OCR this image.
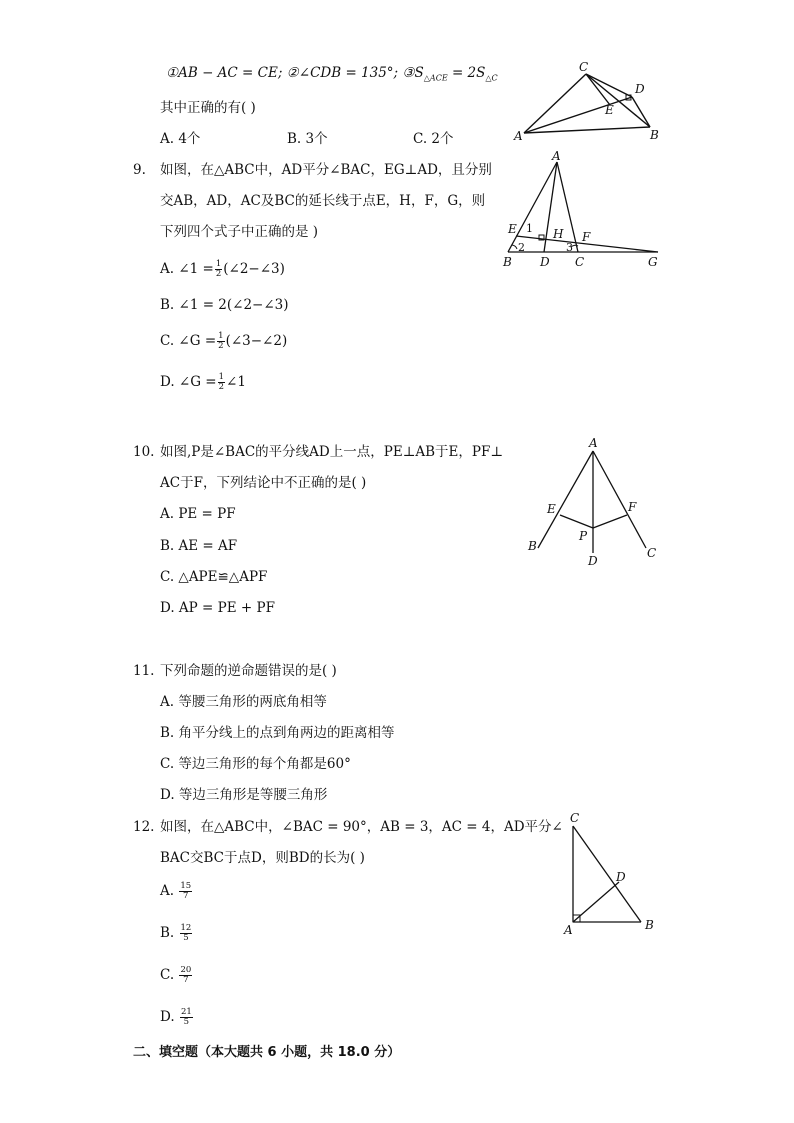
①AB − AC = CE; ②∠CDB = 135°; $③S_{\triangle ACE} = 2S_{\triangle C}$
其中正确的有( )
A. 4个	B. 3个	C. 2个
C
D
E
A	B
9. 如图，在△ABC中，AD平分∠BAC，EG⊥AD，且分别
交AB，AD，AC及BC的延长线于点E，H，F，G，则
下列四个式子中正确的是 )
A. ∠1 = $\frac{1}{2}$ (∠2−∠3)
B. ∠1 = 2(∠2−∠3)
C. ∠G = $\frac{1}{2}$ (∠3−∠2)
D. ∠G = $\frac{1}{2}$ ∠1
A
E 1 H F
2	3
B D C	G
10. 如图,P是∠BAC的平分线AD上一点，PE⊥AB于E，PF⊥
AC于F，下列结论中不正确的是( )
A. PE = PF
B. AE = AF
C. △APE≌△APF
D. AP = PE + PF
A
E	F
P
B
D
C
11. 下列命题的逆命题错误的是( )
A. 等腰三角形的两底角相等
B. 角平分线上的点到角两边的距离相等
C. 等边三角形的每个角都是60°
D. 等边三角形是等腰三角形
12. 如图，在△ABC中，∠BAC = 90°，AB = 3，AC = 4，AD平分∠
BAC交BC于点D，则BD的长为( )
A. $\frac{15}{7}$
B. $\frac{12}{5}$
C. $\frac{20}{7}$
D. $\frac{21}{5}$
C
D
A	B
二、填空题（本大题共 6 小题，共 18.0 分）
